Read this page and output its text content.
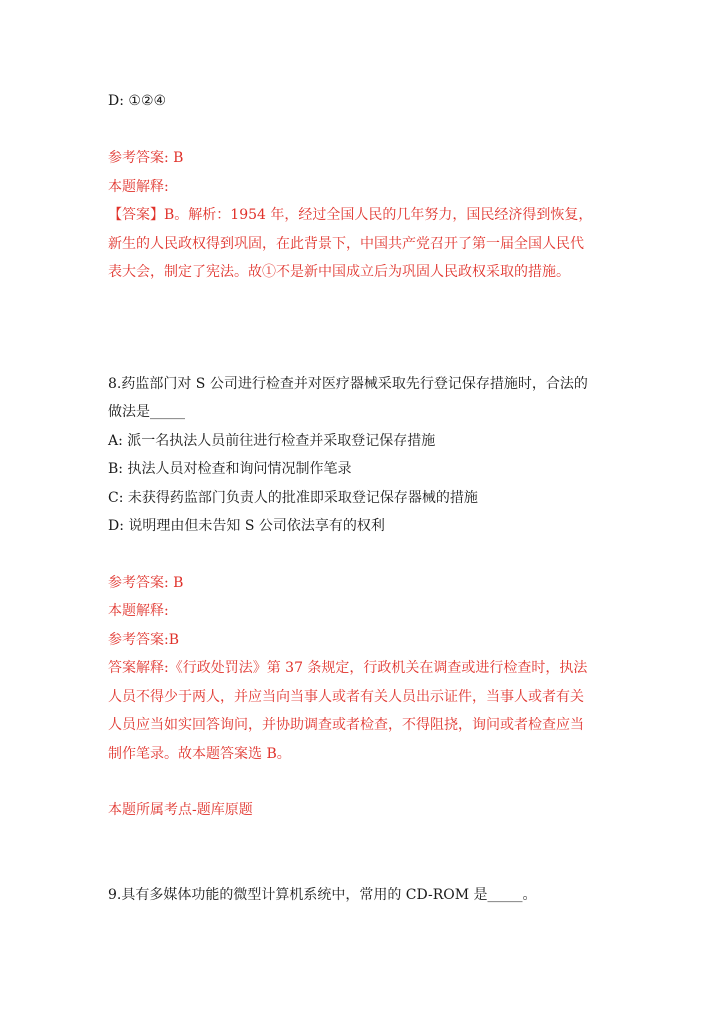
D: ①②④
参考答案: B
本题解释:
【答案】B。解析：1954 年，经过全国人民的几年努力，国民经济得到恢复，
新生的人民政权得到巩固，在此背景下，中国共产党召开了第一届全国人民代
表大会，制定了宪法。故①不是新中国成立后为巩固人民政权采取的措施。
8.药监部门对 S 公司进行检查并对医疗器械采取先行登记保存措施时，合法的
做法是_____
A: 派一名执法人员前往进行检查并采取登记保存措施
B: 执法人员对检查和询问情况制作笔录
C: 未获得药监部门负责人的批准即采取登记保存器械的措施
D: 说明理由但未告知 S 公司依法享有的权利
参考答案: B
本题解释:
参考答案:B
答案解释:《行政处罚法》第 37 条规定，行政机关在调查或进行检查时，执法
人员不得少于两人，并应当向当事人或者有关人员出示证件，当事人或者有关
人员应当如实回答询问，并协助调查或者检查，不得阻挠，询问或者检查应当
制作笔录。故本题答案选 B。
本题所属考点-题库原题
9.具有多媒体功能的微型计算机系统中，常用的 CD-ROM 是_____。
